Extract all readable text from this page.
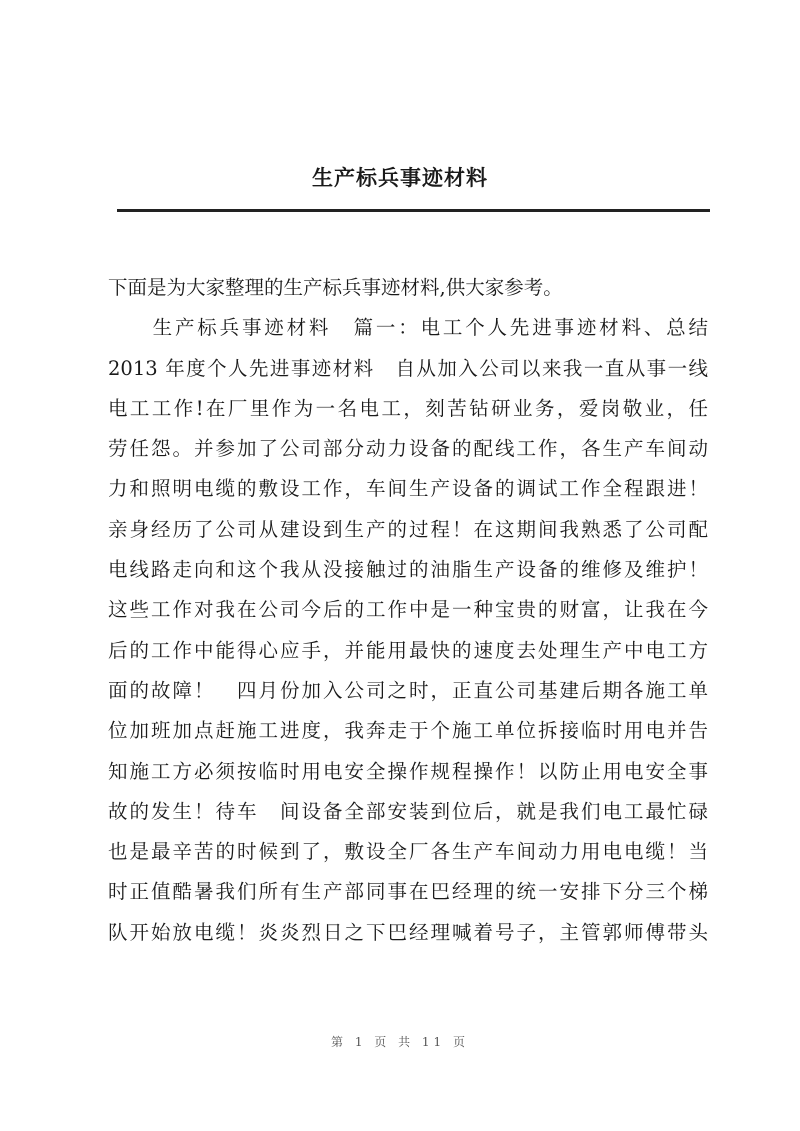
生产标兵事迹材料
下面是为大家整理的生产标兵事迹材料,供大家参考。
　　生产标兵事迹材料　篇一：电工个人先进事迹材料、总结
2013 年度个人先进事迹材料　自从加入公司以来我一直从事一线
电工工作!在厂里作为一名电工，刻苦钻研业务，爱岗敬业，任
劳任怨。并参加了公司部分动力设备的配线工作，各生产车间动
力和照明电缆的敷设工作，车间生产设备的调试工作全程跟进！
亲身经历了公司从建设到生产的过程！在这期间我熟悉了公司配
电线路走向和这个我从没接触过的油脂生产设备的维修及维护！
这些工作对我在公司今后的工作中是一种宝贵的财富，让我在今
后的工作中能得心应手，并能用最快的速度去处理生产中电工方
面的故障！　四月份加入公司之时，正直公司基建后期各施工单
位加班加点赶施工进度，我奔走于个施工单位拆接临时用电并告
知施工方必须按临时用电安全操作规程操作！以防止用电安全事
故的发生！待车　间设备全部安装到位后，就是我们电工最忙碌
也是最辛苦的时候到了，敷设全厂各生产车间动力用电电缆！当
时正值酷暑我们所有生产部同事在巴经理的统一安排下分三个梯
队开始放电缆！炎炎烈日之下巴经理喊着号子，主管郭师傅带头
第 1 页 共 11 页
